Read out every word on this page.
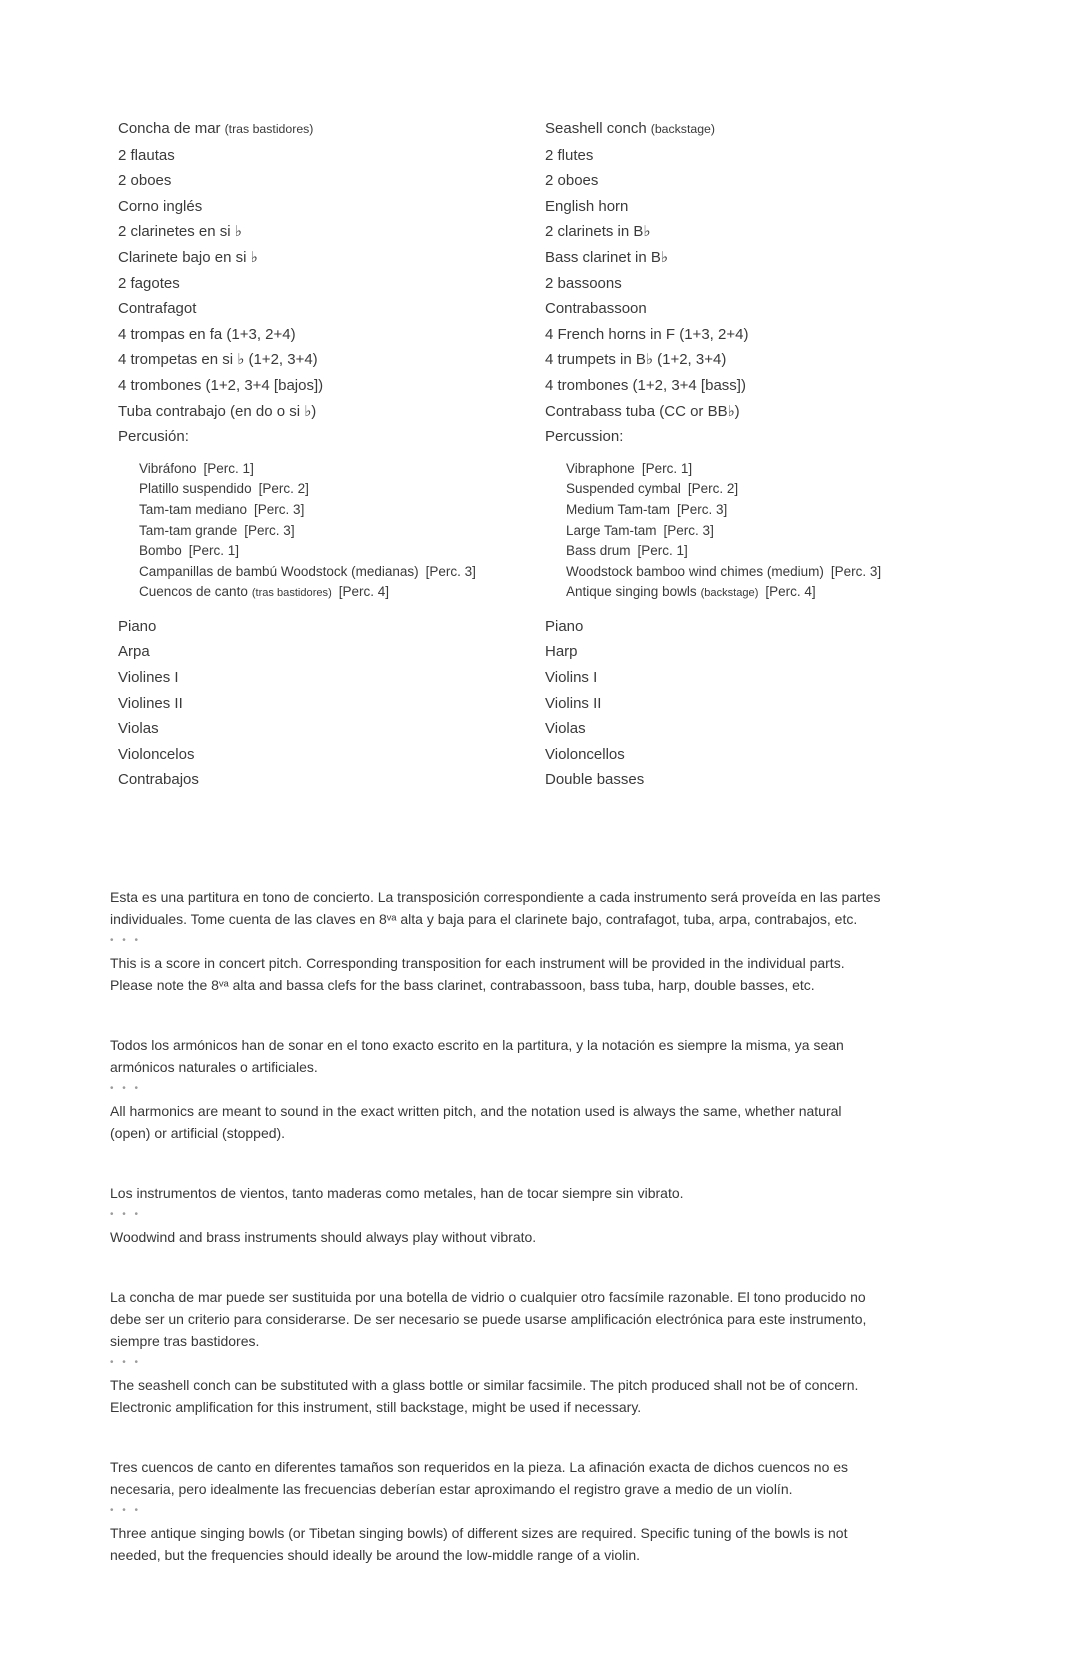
Concha de mar (tras bastidores)
2 flautas
2 oboes
Corno inglés
2 clarinetes en si ♭
Clarinete bajo en si ♭
2 fagotes
Contrafagot
4 trompas en fa (1+3, 2+4)
4 trompetas en si ♭ (1+2, 3+4)
4 trombones (1+2, 3+4 [bajos])
Tuba contrabajo (en do o si ♭)
Percusión:
Vibráfono [Perc. 1]
Platillo suspendido [Perc. 2]
Tam-tam mediano [Perc. 3]
Tam-tam grande [Perc. 3]
Bombo [Perc. 1]
Campanillas de bambú Woodstock (medianas) [Perc. 3]
Cuencos de canto (tras bastidores) [Perc. 4]
Piano
Arpa
Violines I
Violines II
Violas
Violoncelos
Contrabajos
Seashell conch (backstage)
2 flutes
2 oboes
English horn
2 clarinets in B♭
Bass clarinet in B♭
2 bassoons
Contrabassoon
4 French horns in F (1+3, 2+4)
4 trumpets in B♭ (1+2, 3+4)
4 trombones (1+2, 3+4 [bass])
Contrabass tuba (CC or BB♭)
Percussion:
Vibraphone [Perc. 1]
Suspended cymbal [Perc. 2]
Medium Tam-tam [Perc. 3]
Large Tam-tam [Perc. 3]
Bass drum [Perc. 1]
Woodstock bamboo wind chimes (medium) [Perc. 3]
Antique singing bowls (backstage) [Perc. 4]
Piano
Harp
Violins I
Violins II
Violas
Violoncellos
Double basses

Esta es una partitura en tono de concierto. La transposición correspondiente a cada instrumento será proveída en las partes

individuales. Tome cuenta de las claves en 8ᵛᵃ alta y baja para el clarinete bajo, contrafagot, tuba, arpa, contrabajos, etc.

• • •

This is a score in concert pitch. Corresponding transposition for each instrument will be provided in the individual parts.

Please note the 8ᵛᵃ alta and bassa clefs for the bass clarinet, contrabassoon, bass tuba, harp, double basses, etc.

Todos los armónicos han de sonar en el tono exacto escrito en la partitura, y la notación es siempre la misma, ya sean

armónicos naturales o artificiales.

• • •

All harmonics are meant to sound in the exact written pitch, and the notation used is always the same, whether natural

(open) or artificial (stopped).

Los instrumentos de vientos, tanto maderas como metales, han de tocar siempre sin vibrato.

• • •

Woodwind and brass instruments should always play without vibrato.

La concha de mar puede ser sustituida por una botella de vidrio o cualquier otro facsímile razonable. El tono producido no

debe ser un criterio para considerarse. De ser necesario se puede usarse amplificación electrónica para este instrumento,

siempre tras bastidores.

• • •

The seashell conch can be substituted with a glass bottle or similar facsimile. The pitch produced shall not be of concern.

Electronic amplification for this instrument, still backstage, might be used if necessary.

Tres cuencos de canto en diferentes tamaños son requeridos en la pieza. La afinación exacta de dichos cuencos no es

necesaria, pero idealmente las frecuencias deberían estar aproximando el registro grave a medio de un violín.

• • •

Three antique singing bowls (or Tibetan singing bowls) of different sizes are required. Specific tuning of the bowls is not

needed, but the frequencies should ideally be around the low-middle range of a violin.
